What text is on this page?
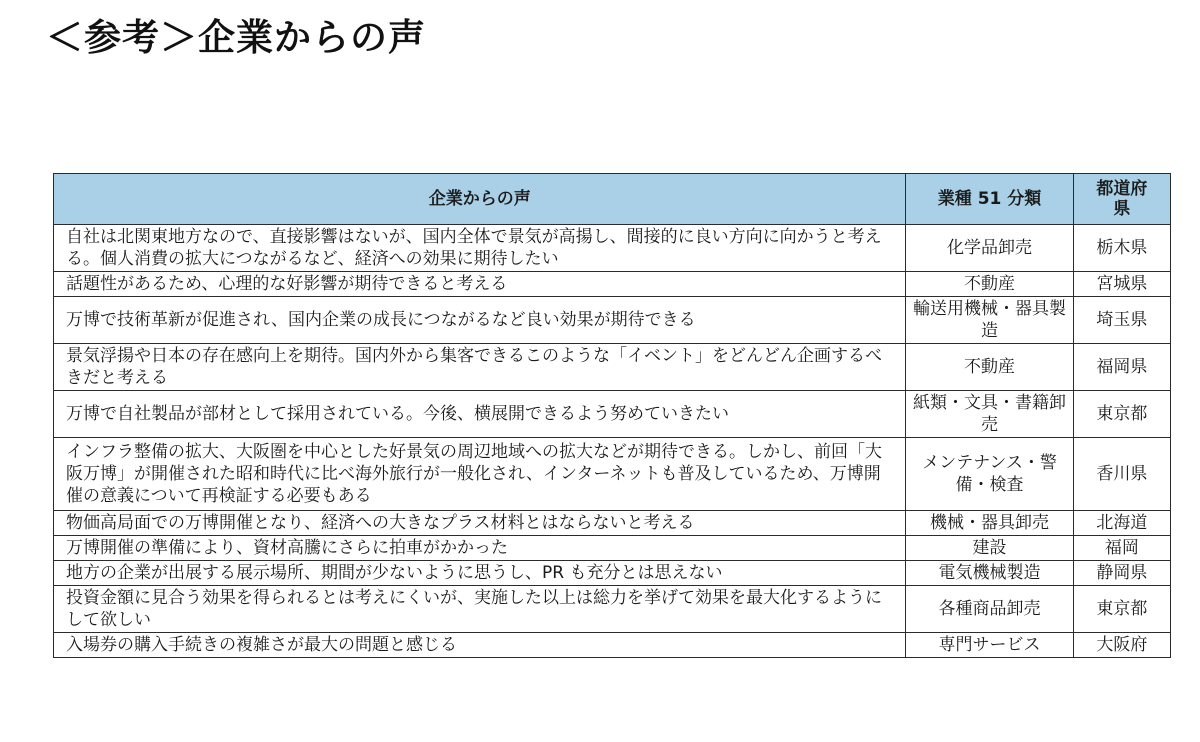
＜参考＞企業からの声
企業からの声	業種 51 分類	都道府県
自社は北関東地方なので、直接影響はないが、国内全体で景気が高揚し、間接的に良い方向に向かうと考える。個人消費の拡大につながるなど、経済への効果に期待したい	化学品卸売	栃木県
話題性があるため、心理的な好影響が期待できると考える	不動産	宮城県
万博で技術革新が促進され、国内企業の成長につながるなど良い効果が期待できる	輸送用機械・器具製造	埼玉県
景気浮揚や日本の存在感向上を期待。国内外から集客できるこのような「イベント」をどんどん企画するべきだと考える	不動産	福岡県
万博で自社製品が部材として採用されている。今後、横展開できるよう努めていきたい	紙類・文具・書籍卸売	東京都
インフラ整備の拡大、大阪圏を中心とした好景気の周辺地域への拡大などが期待できる。しかし、前回「大阪万博」が開催された昭和時代に比べ海外旅行が一般化され、インターネットも普及しているため、万博開催の意義について再検証する必要もある	メンテナンス・警備・検査	香川県
物価高局面での万博開催となり、経済への大きなプラス材料とはならないと考える	機械・器具卸売	北海道
万博開催の準備により、資材高騰にさらに拍車がかかった	建設	福岡
地方の企業が出展する展示場所、期間が少ないように思うし、PR も充分とは思えない	電気機械製造	静岡県
投資金額に見合う効果を得られるとは考えにくいが、実施した以上は総力を挙げて効果を最大化するようにして欲しい	各種商品卸売	東京都
入場券の購入手続きの複雑さが最大の問題と感じる	専門サービス	大阪府
